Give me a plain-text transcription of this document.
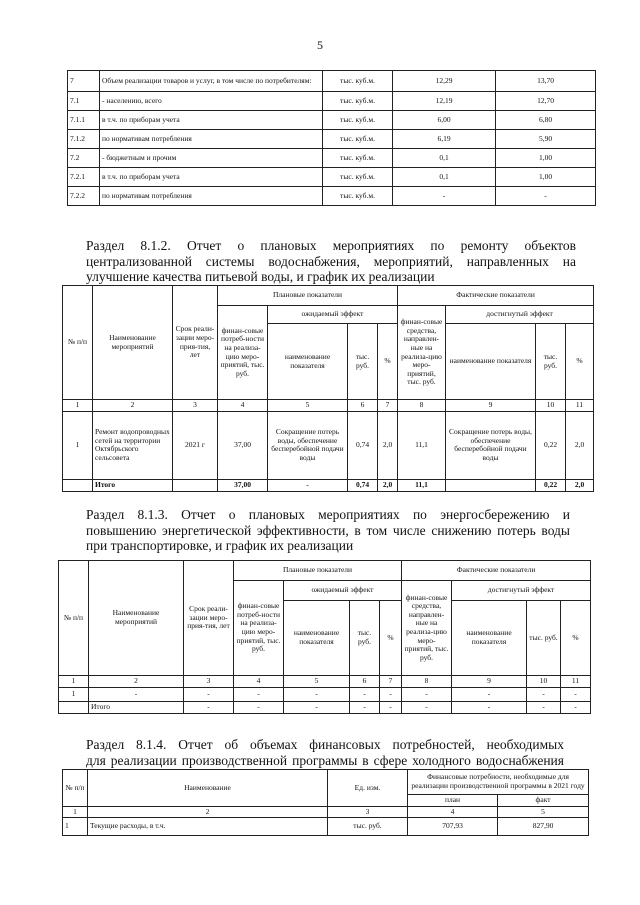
5
7	Объем реализации товаров и услуг, в том числе по потребителям:	тыс. куб.м.	12,29	13,70
7.1	- населению, всего	тыс. куб.м.	12,19	12,70
7.1.1	в т.ч. по приборам учета	тыс. куб.м.	6,00	6,80
7.1.2	по нормативам потребления	тыс. куб.м.	6,19	5,90
7.2	- бюджетным и прочим	тыс. куб.м.	0,1	1,00
7.2.1	в т.ч. по приборам учета	тыс. куб.м.	0,1	1,00
7.2.2	по нормативам потребления	тыс. куб.м.	-	-
Раздел 8.1.2. Отчет о плановых мероприятиях по ремонту объектов
централизованной системы водоснабжения, мероприятий, направленных на
улучшение качества питьевой воды, и график их реализации
№ п/п	Наименование мероприятий	Срок реали-зации меро-прия-тия, лет	Плановые показатели				Фактические показатели			
			финан-совые потреб-ности на реализа-цию меро-приятий, тыс. руб.	ожидаемый эффект			финан-совые средства, направлен-ные на реализа-цию меро-приятий, тыс. руб.	достигнутый эффект		
				наименование показателя	тыс. руб.	%		наименование показателя	тыс. руб.	%
1	2	3	4	5	6	7	8	9	10	11
1	Ремонт водопроводных сетей на территории Октябрьского сельсовета	2021 г	37,00	Сокращение потерь воды, обеспечение бесперебойной подачи воды	0,74	2,0	11,1	Сокращение потерь воды, обеспечение бесперебойной подачи воды	0,22	2,0
	Итого		37,00	-	0,74	2,0	11,1		0,22	2,0
Раздел 8.1.3. Отчет о плановых мероприятиях по энергосбережению и
повышению энергетической эффективности, в том числе снижению потерь воды
при транспортировке, и график их реализации
№ п/п	Наименование мероприятий	Срок реали-зации меро-прия-тия, лет	Плановые показатели				Фактические показатели			
			финан-совые потреб-ности на реализа-цию меро-приятий, тыс. руб.	ожидаемый эффект			финан-совые средства, направлен-ные на реализа-цию меро-приятий, тыс. руб.	достигнутый эффект		
				наименование показателя	тыс. руб.	%		наименование показателя	тыс. руб.	%
1	2	3	4	5	6	7	8	9	10	11
1	-	-	-	-	-	-	-	-	-	-
	Итого	-	-	-	-	-	-	-	-	-
Раздел 8.1.4. Отчет об объемах финансовых потребностей, необходимых
для реализации производственной программы в сфере холодного водоснабжения
№ п/п	Наименование	Ед. изм.	Финансовые потребности, необходимые для реализации производственной программы в 2021 году	
			план	факт
1	2	3	4	5
1	Текущие расходы, в т.ч.	тыс. руб.	707,93	827,90
